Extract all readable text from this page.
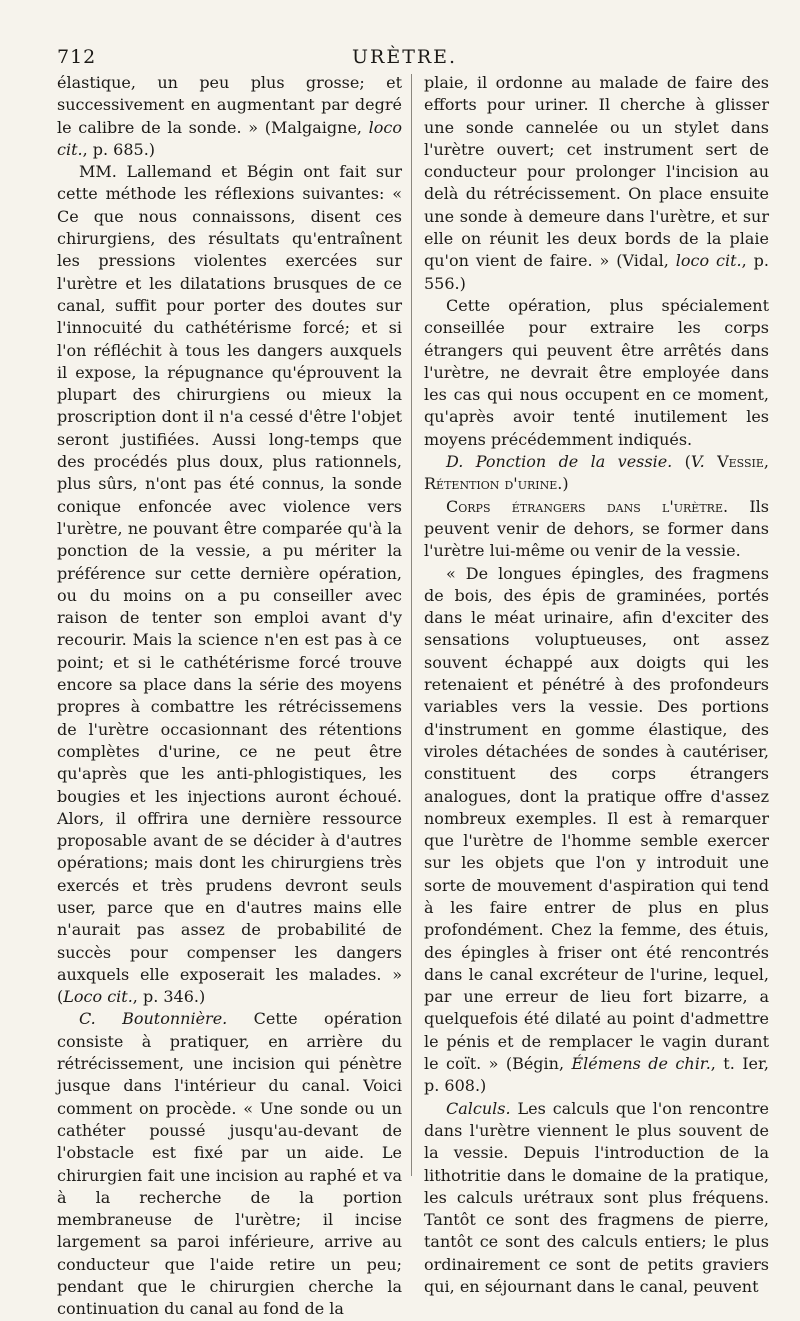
712	URÈTRE.

élastique, un peu plus grosse; et successivement en augmentant par degré le calibre de la sonde. » (Malgaigne, loco cit., p. 685.)

MM. Lallemand et Bégin ont fait sur cette méthode les réflexions suivantes: « Ce que nous connaissons, disent ces chirurgiens, des résultats qu'entraînent les pressions violentes exercées sur l'urètre et les dilatations brusques de ce canal, suffit pour porter des doutes sur l'innocuité du cathétérisme forcé; et si l'on réfléchit à tous les dangers auxquels il expose, la répugnance qu'éprouvent la plupart des chirurgiens ou mieux la proscription dont il n'a cessé d'être l'objet seront justifiées. Aussi long-temps que des procédés plus doux, plus rationnels, plus sûrs, n'ont pas été connus, la sonde conique enfoncée avec violence vers l'urètre, ne pouvant être comparée qu'à la ponction de la vessie, a pu mériter la préférence sur cette dernière opération, ou du moins on a pu conseiller avec raison de tenter son emploi avant d'y recourir. Mais la science n'en est pas à ce point; et si le cathétérisme forcé trouve encore sa place dans la série des moyens propres à combattre les rétrécissemens de l'urètre occasionnant des rétentions complètes d'urine, ce ne peut être qu'après que les anti-phlogistiques, les bougies et les injections auront échoué. Alors, il offrira une dernière ressource proposable avant de se décider à d'autres opérations; mais dont les chirurgiens très exercés et très prudens devront seuls user, parce que en d'autres mains elle n'aurait pas assez de probabilité de succès pour compenser les dangers auxquels elle exposerait les malades. » (Loco cit., p. 346.)

C. Boutonnière. Cette opération consiste à pratiquer, en arrière du rétrécissement, une incision qui pénètre jusque dans l'intérieur du canal. Voici comment on procède. « Une sonde ou un cathéter poussé jusqu'au-devant de l'obstacle est fixé par un aide. Le chirurgien fait une incision au raphé et va à la recherche de la portion membraneuse de l'urètre; il incise largement sa paroi inférieure, arrive au conducteur que l'aide retire un peu; pendant que le chirurgien cherche la continuation du canal au fond de la

plaie, il ordonne au malade de faire des efforts pour uriner. Il cherche à glisser une sonde cannelée ou un stylet dans l'urètre ouvert; cet instrument sert de conducteur pour prolonger l'incision au delà du rétrécissement. On place ensuite une sonde à demeure dans l'urètre, et sur elle on réunit les deux bords de la plaie qu'on vient de faire. » (Vidal, loco cit., p. 556.)

Cette opération, plus spécialement conseillée pour extraire les corps étrangers qui peuvent être arrêtés dans l'urètre, ne devrait être employée dans les cas qui nous occupent en ce moment, qu'après avoir tenté inutilement les moyens précédemment indiqués.

D. Ponction de la vessie. (V. Vessie, Rétention d'urine.)

Corps étrangers dans l'urètre. Ils peuvent venir de dehors, se former dans l'urètre lui-même ou venir de la vessie.

« De longues épingles, des fragmens de bois, des épis de graminées, portés dans le méat urinaire, afin d'exciter des sensations voluptueuses, ont assez souvent échappé aux doigts qui les retenaient et pénétré à des profondeurs variables vers la vessie. Des portions d'instrument en gomme élastique, des viroles détachées de sondes à cautériser, constituent des corps étrangers analogues, dont la pratique offre d'assez nombreux exemples. Il est à remarquer que l'urètre de l'homme semble exercer sur les objets que l'on y introduit une sorte de mouvement d'aspiration qui tend à les faire entrer de plus en plus profondément. Chez la femme, des étuis, des épingles à friser ont été rencontrés dans le canal excréteur de l'urine, lequel, par une erreur de lieu fort bizarre, a quelquefois été dilaté au point d'admettre le pénis et de remplacer le vagin durant le coït. » (Bégin, Élémens de chir., t. Ier, p. 608.)

Calculs. Les calculs que l'on rencontre dans l'urètre viennent le plus souvent de la vessie. Depuis l'introduction de la lithotritie dans le domaine de la pratique, les calculs urétraux sont plus fréquens. Tantôt ce sont des fragmens de pierre, tantôt ce sont des calculs entiers; le plus ordinairement ce sont de petits graviers qui, en séjournant dans le canal, peuvent
